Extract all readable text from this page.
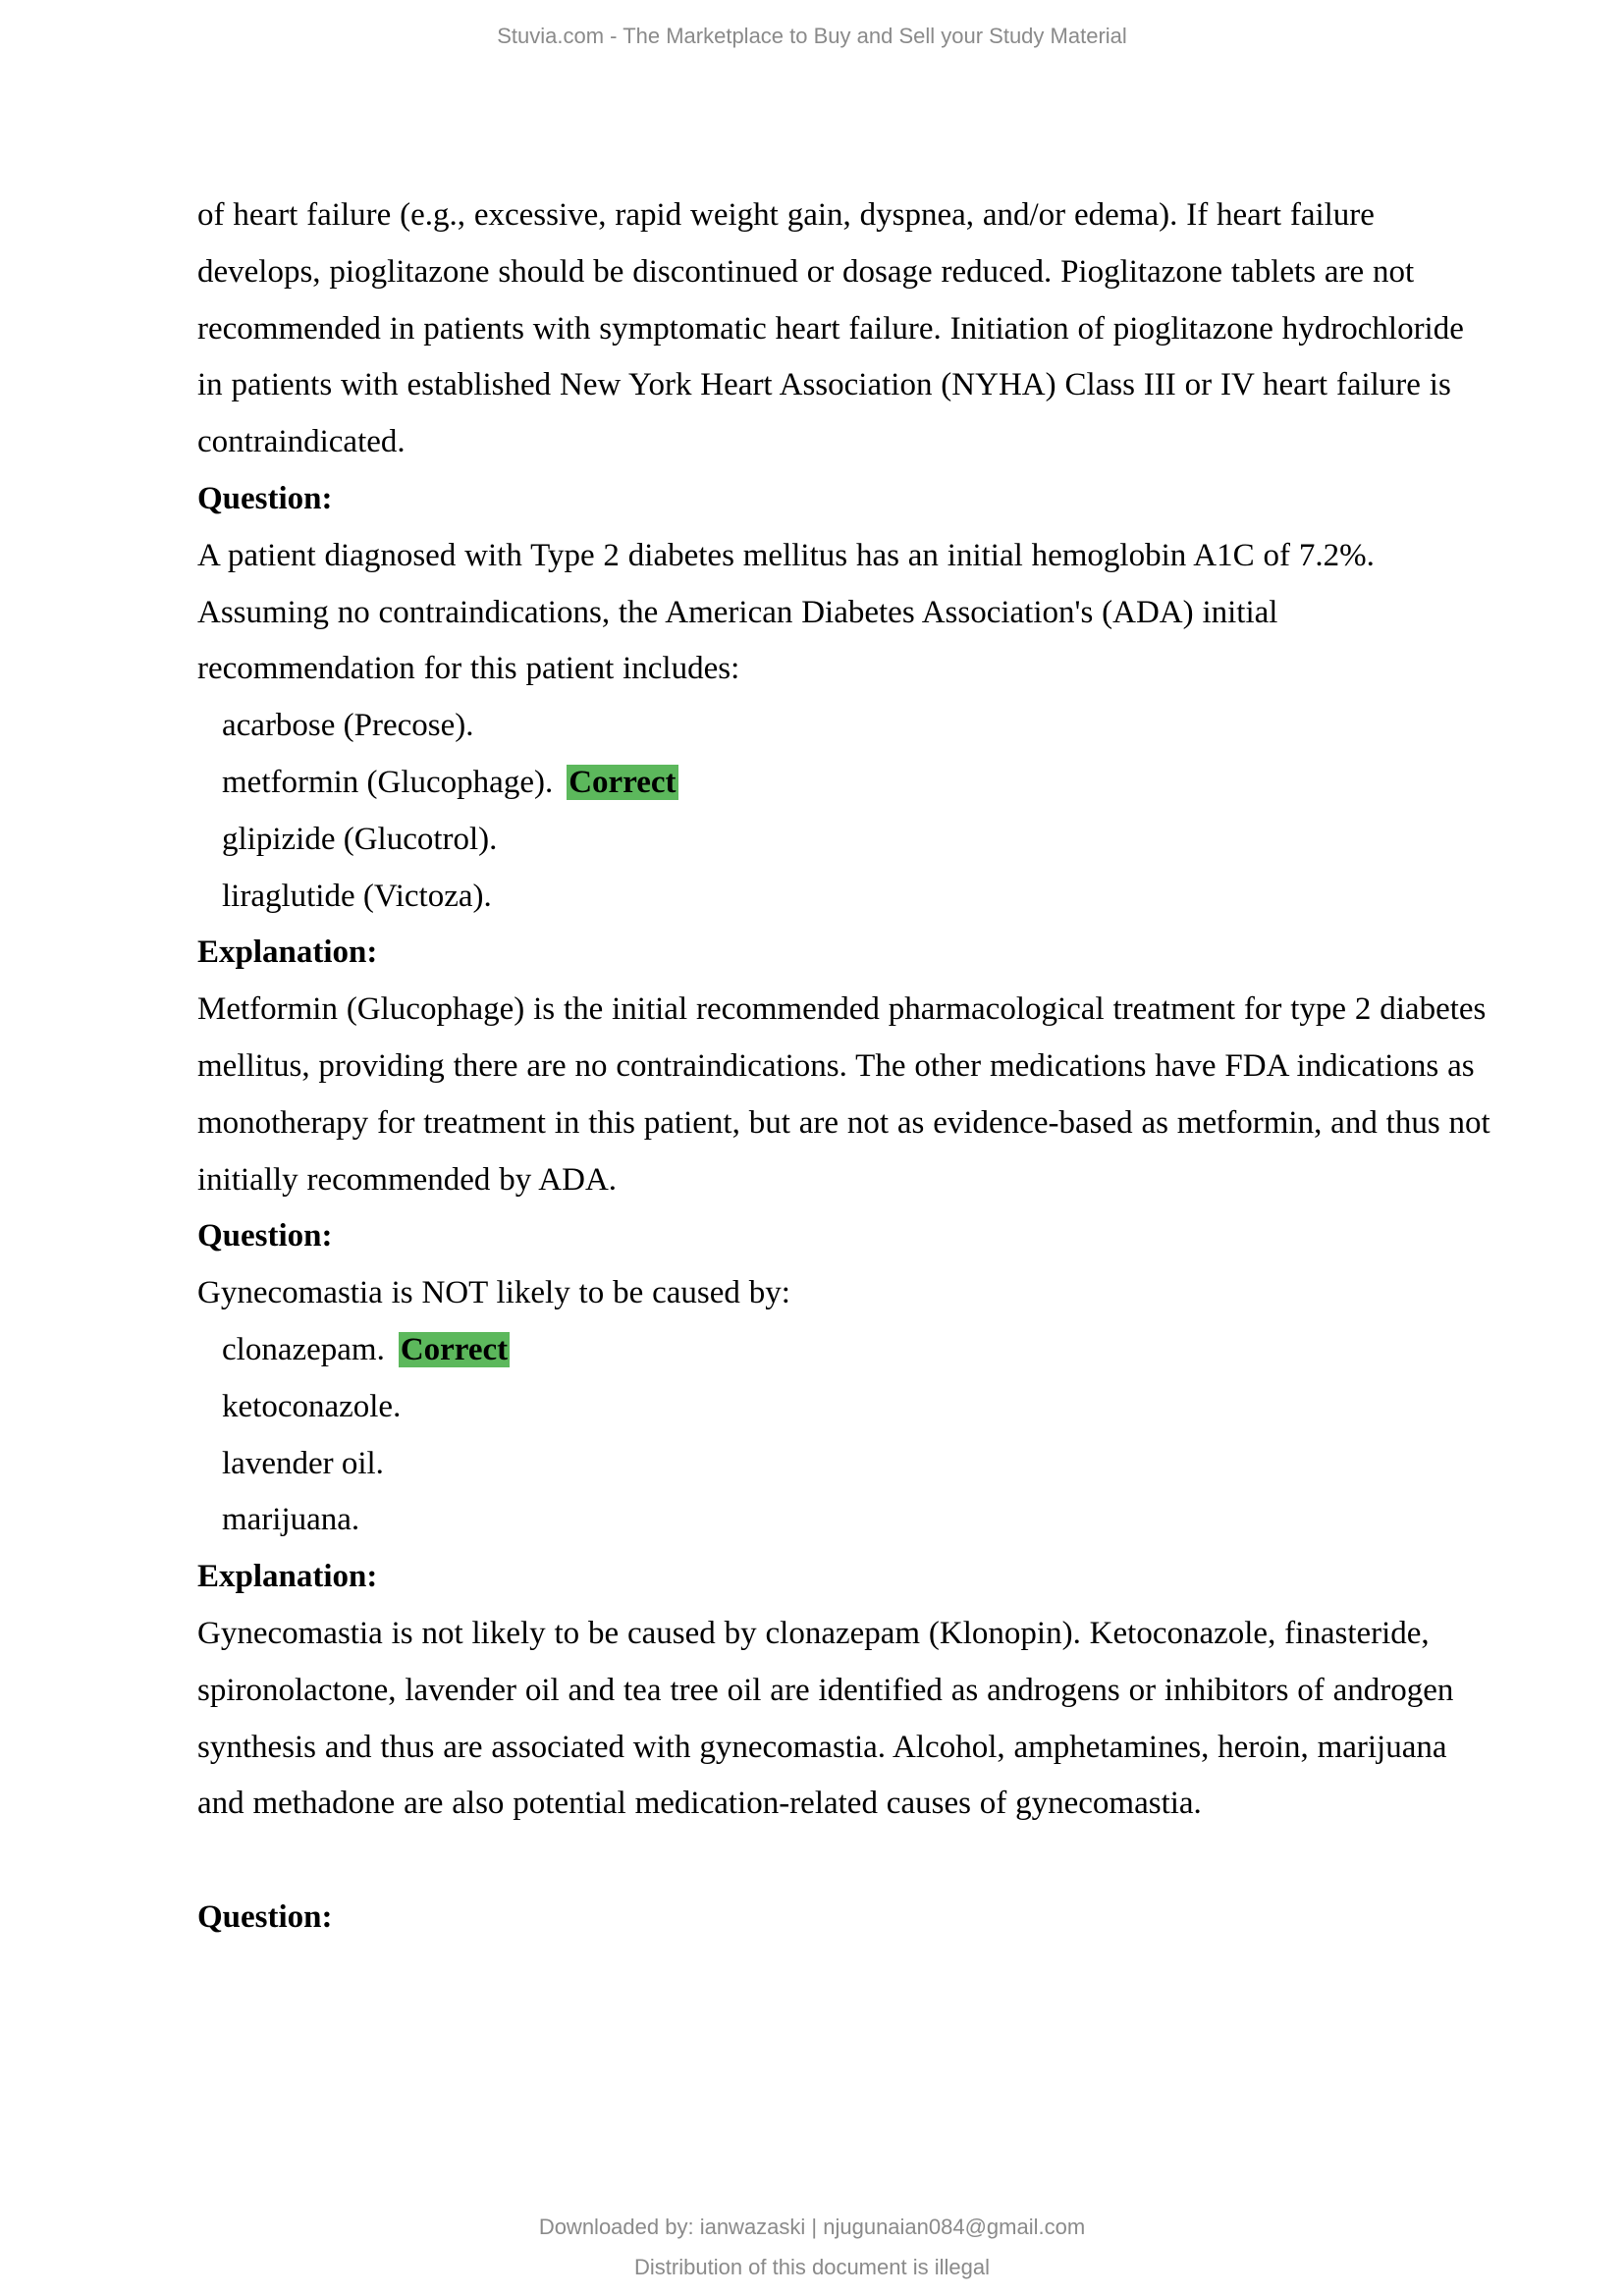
Stuvia.com - The Marketplace to Buy and Sell your Study Material

of heart failure (e.g., excessive, rapid weight gain, dyspnea, and/or edema). If heart failure develops, pioglitazone should be discontinued or dosage reduced. Pioglitazone tablets are not recommended in patients with symptomatic heart failure. Initiation of pioglitazone hydrochloride in patients with established New York Heart Association (NYHA) Class III or IV heart failure is contraindicated.

Question:

A patient diagnosed with Type 2 diabetes mellitus has an initial hemoglobin A1C of 7.2%. Assuming no contraindications, the American Diabetes Association's (ADA) initial recommendation for this patient includes:

acarbose (Precose).

metformin (Glucophage). Correct

glipizide (Glucotrol).

liraglutide (Victoza).

Explanation:

Metformin (Glucophage) is the initial recommended pharmacological treatment for type 2 diabetes mellitus, providing there are no contraindications. The other medications have FDA indications as monotherapy for treatment in this patient, but are not as evidence-based as metformin, and thus not initially recommended by ADA.

Question:

Gynecomastia is NOT likely to be caused by:

clonazepam. Correct

ketoconazole.

lavender oil.

marijuana.

Explanation:

Gynecomastia is not likely to be caused by clonazepam (Klonopin). Ketoconazole, finasteride, spironolactone, lavender oil and tea tree oil are identified as androgens or inhibitors of androgen synthesis and thus are associated with gynecomastia. Alcohol, amphetamines, heroin, marijuana and methadone are also potential medication-related causes of gynecomastia.

Question:

Downloaded by: ianwazaski | njugunaian084@gmail.com
Distribution of this document is illegal
